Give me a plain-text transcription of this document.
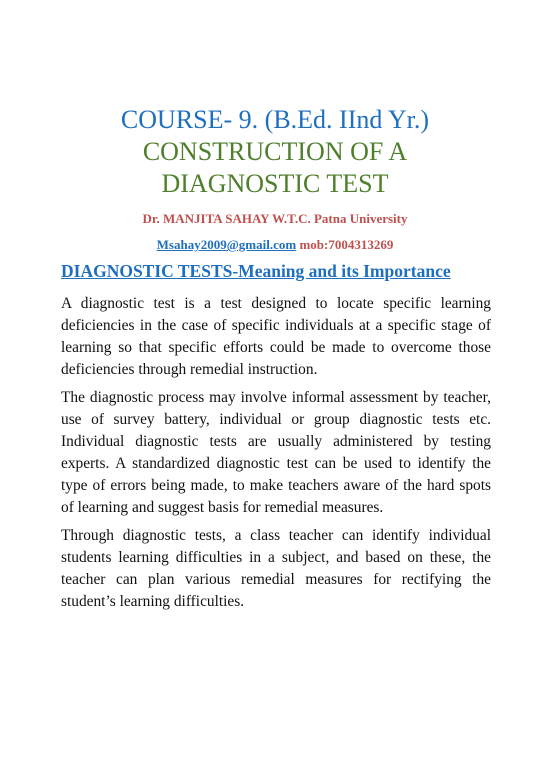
COURSE- 9. (B.Ed. IInd Yr.)

CONSTRUCTION OF A

DIAGNOSTIC TEST

Dr. MANJITA SAHAY W.T.C. Patna University
Msahay2009@gmail.com mob:7004313269
DIAGNOSTIC TESTS-Meaning and its Importance

A diagnostic test is a test designed to locate specific learning deficiencies in the case of specific individuals at a specific stage of learning so that specific efforts could be made to overcome those deficiencies through remedial instruction.

The diagnostic process may involve informal assessment by teacher, use of survey battery, individual or group diagnostic tests etc. Individual diagnostic tests are usually administered by testing experts. A standardized diagnostic test can be used to identify the type of errors being made, to make teachers aware of the hard spots of learning and suggest basis for remedial measures.

Through diagnostic tests, a class teacher can identify individual students learning difficulties in a subject, and based on these, the teacher can plan various remedial measures for rectifying the student’s learning difficulties.
